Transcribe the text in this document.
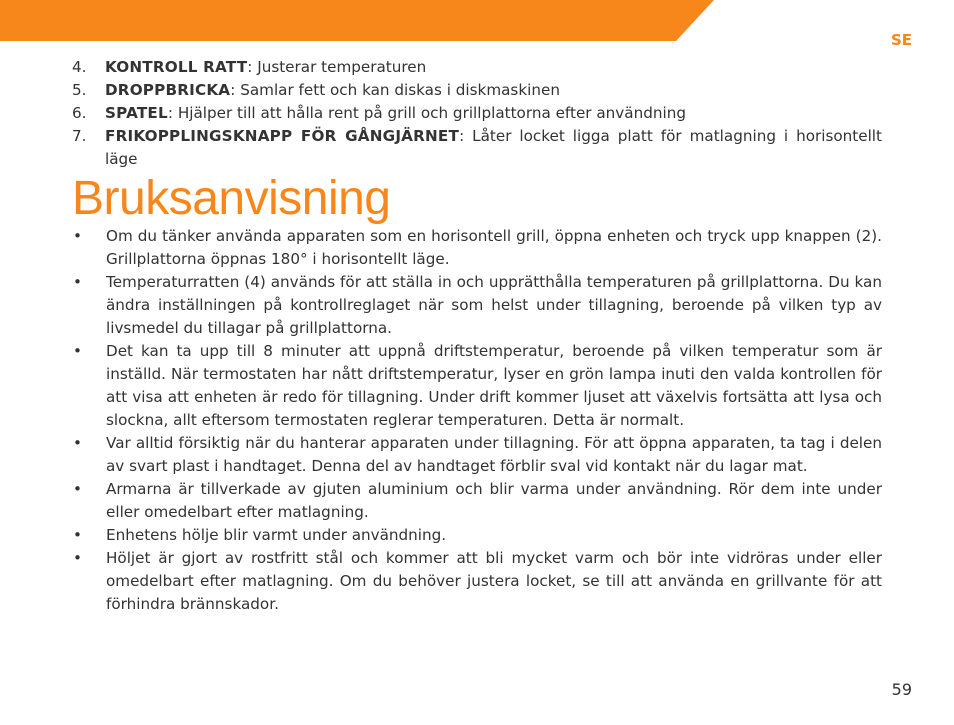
SE
4.	KONTROLL RATT: Justerar temperaturen
5.	DROPPBRICKA: Samlar fett och kan diskas i diskmaskinen
6.	SPATEL: Hjälper till att hålla rent på grill och grillplattorna efter användning
7.	FRIKOPPLINGSKNAPP FÖR GÅNGJÄRNET: Låter locket ligga platt för matlagning i horisontellt läge
Bruksanvisning
•	Om du tänker använda apparaten som en horisontell grill, öppna enheten och tryck upp knappen (2). Grillplattorna öppnas 180° i horisontellt läge.
•	Temperaturratten (4) används för att ställa in och upprätthålla temperaturen på grillplattorna. Du kan ändra inställningen på kontrollreglaget när som helst under tillagning, beroende på vilken typ av livsmedel du tillagar på grillplattorna.
•	Det kan ta upp till 8 minuter att uppnå driftstemperatur, beroende på vilken temperatur som är inställd. När termostaten har nått driftstemperatur, lyser en grön lampa inuti den valda kontrollen för att visa att enheten är redo för tillagning. Under drift kommer ljuset att växelvis fortsätta att lysa och slockna, allt eftersom termostaten reglerar temperaturen. Detta är normalt.
•	Var alltid försiktig när du hanterar apparaten under tillagning. För att öppna apparaten, ta tag i delen av svart plast i handtaget. Denna del av handtaget förblir sval vid kontakt när du lagar mat.
•	Armarna är tillverkade av gjuten aluminium och blir varma under användning. Rör dem inte under eller omedelbart efter matlagning.
•	Enhetens hölje blir varmt under användning.
•	Höljet är gjort av rostfritt stål och kommer att bli mycket varm och bör inte vidröras under eller omedelbart efter matlagning. Om du behöver justera locket, se till att använda en grillvante för att förhindra brännskador.
59
